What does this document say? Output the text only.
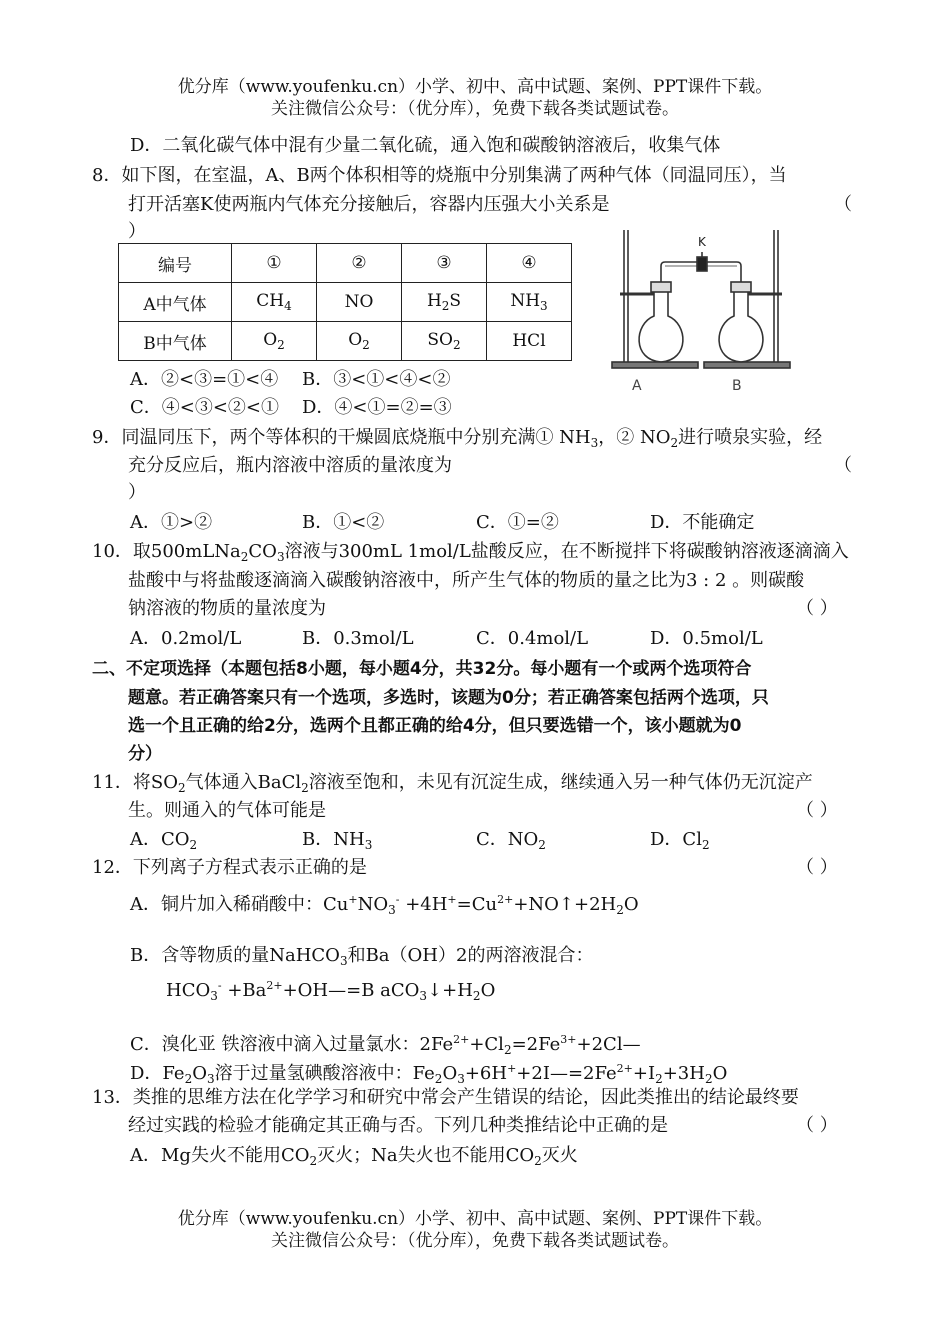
优分库（www.youfenku.cn）小学、初中、高中试题、案例、PPT课件下载。
关注微信公众号：（优分库），免费下载各类试题试卷。
D．二氧化碳气体中混有少量二氧化硫，通入饱和碳酸钠溶液后，收集气体
8．如下图，在室温，A、B两个体积相等的烧瓶中分别集满了两种气体（同温同压），当
打开活塞K使两瓶内气体充分接触后，容器内压强大小关系是	（
）
编号	①	②	③	④
A中气体	$CH_4$	NO	$H_2S$	$NH_3$
B中气体	$O_2$	$O_2$	$SO_2$	HCl
K
A	B
A．②<③=①<④ B．③<①<④<②
C．④<③<②<① D．④<①=②=③
9．同温同压下，两个等体积的干燥圆底烧瓶中分别充满① $NH_3$，② $NO_2$进行喷泉实验，经
充分反应后，瓶内溶液中溶质的量浓度为	（
）
A．①>②	B．①<②	C．①=②	D．不能确定
10．取$500mLNa_2CO_3$溶液与300mL 1mol/L盐酸反应，在不断搅拌下将碳酸钠溶液逐滴滴入
盐酸中与将盐酸逐滴滴入碳酸钠溶液中，所产生气体的物质的量之比为3 : 2 。则碳酸
钠溶液的物质的量浓度为	（ ）
A．0.2mol/L	B．0.3mol/L	C．0.4mol/L	D．0.5mol/L
二、不定项选择（本题包括8小题，每小题4分，共32分。每小题有一个或两个选项符合
题意。若正确答案只有一个选项，多选时，该题为0分；若正确答案包括两个选项，只
选一个且正确的给2分，选两个且都正确的给4分，但只要选错一个，该小题就为0
分）
11．将$SO_2$气体通入BaCl$_2$溶液至饱和，未见有沉淀生成，继续通入另一种气体仍无沉淀产
生。则通入的气体可能是	（ ）
A．$CO_2$	B．$NH_3$	C．$NO_2$	D．$Cl_2$
12．下列离子方程式表示正确的是	（ ）
A．铜片加入稀硝酸中：$Cu^+NO_3^-$ $+4H^+=Cu^{2+}+NO↑+2H_2O$
B．含等物质的量NaHCO$_3$和Ba（OH）2的两溶液混合：
$HCO_3^-$ $+Ba^{2+}+OH—=B$ $aCO_3↓+H_2O$
C．溴化亚 铁溶液中滴入过量氯水：$2Fe^{2+}+Cl_2=2Fe^{3+}+2Cl—$
D．$Fe_2O_3$溶于过量氢碘酸溶液中：$Fe_2O_3+6H^++2I—=2Fe^{2+}+I_2+3H_2O$
13．类推的思维方法在化学学习和研究中常会产生错误的结论，因此类推出的结论最终要
经过实践的检验才能确定其正确与否。下列几种类推结论中正确的是	（ ）
A．Mg失火不能用$CO_2$灭火；Na失火也不能用$CO_2$灭火
优分库（www.youfenku.cn）小学、初中、高中试题、案例、PPT课件下载。
关注微信公众号：（优分库），免费下载各类试题试卷。
